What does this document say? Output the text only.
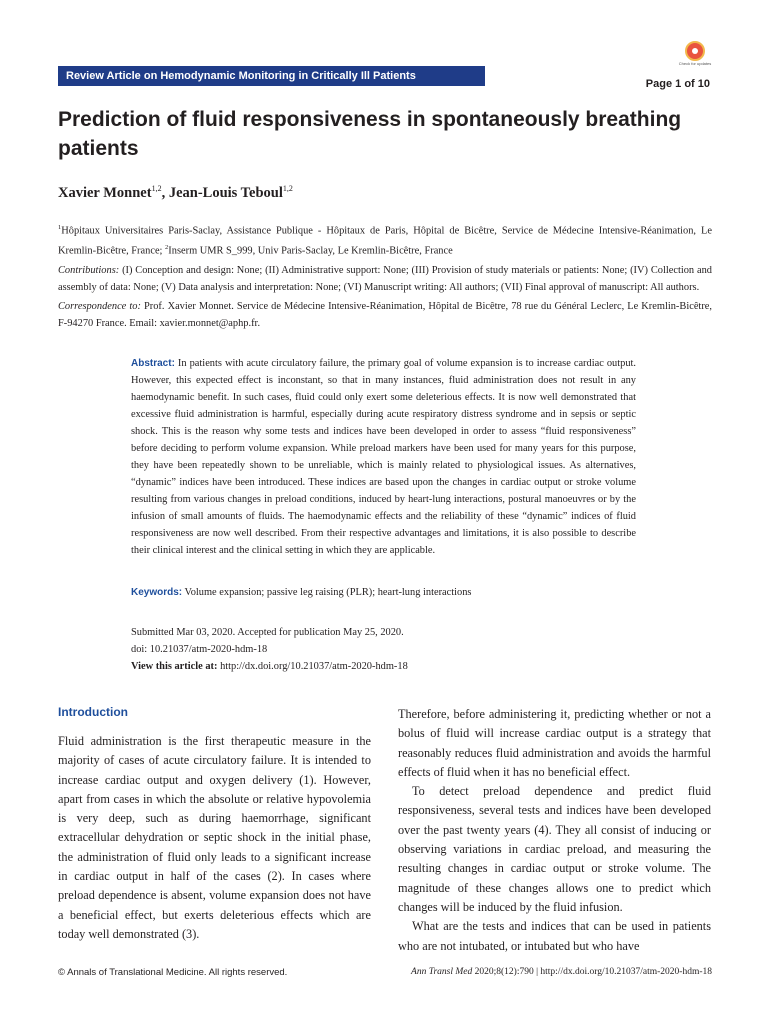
Review Article on Hemodynamic Monitoring in Critically Ill Patients
Check for updates
Page 1 of 10
Prediction of fluid responsiveness in spontaneously breathing patients
Xavier Monnet$^{1,2}$, Jean-Louis Teboul$^{1,2}$

$^1$Hôpitaux Universitaires Paris-Saclay, Assistance Publique - Hôpitaux de Paris, Hôpital de Bicêtre, Service de Médecine Intensive-Réanimation, Le Kremlin-Bicêtre, France; $^2$Inserm UMR S_999, Univ Paris-Saclay, Le Kremlin-Bicêtre, France

Contributions: (I) Conception and design: None; (II) Administrative support: None; (III) Provision of study materials or patients: None; (IV) Collection and assembly of data: None; (V) Data analysis and interpretation: None; (VI) Manuscript writing: All authors; (VII) Final approval of manuscript: All authors.

Correspondence to: Prof. Xavier Monnet. Service de Médecine Intensive-Réanimation, Hôpital de Bicêtre, 78 rue du Général Leclerc, Le Kremlin-Bicêtre, F-94270 France. Email: xavier.monnet@aphp.fr.

Abstract: In patients with acute circulatory failure, the primary goal of volume expansion is to increase cardiac output. However, this expected effect is inconstant, so that in many instances, fluid administration does not result in any haemodynamic benefit. In such cases, fluid could only exert some deleterious effects. It is now well demonstrated that excessive fluid administration is harmful, especially during acute respiratory distress syndrome and in sepsis or septic shock. This is the reason why some tests and indices have been developed in order to assess “fluid responsiveness” before deciding to perform volume expansion. While preload markers have been used for many years for this purpose, they have been repeatedly shown to be unreliable, which is mainly related to physiological issues. As alternatives, “dynamic” indices have been introduced. These indices are based upon the changes in cardiac output or stroke volume resulting from various changes in preload conditions, induced by heart-lung interactions, postural manoeuvres or by the infusion of small amounts of fluids. The haemodynamic effects and the reliability of these “dynamic” indices of fluid responsiveness are now well described. From their respective advantages and limitations, it is also possible to describe their clinical interest and the clinical setting in which they are applicable.

Keywords: Volume expansion; passive leg raising (PLR); heart-lung interactions
Submitted Mar 03, 2020. Accepted for publication May 25, 2020.
doi: 10.21037/atm-2020-hdm-18
View this article at: http://dx.doi.org/10.21037/atm-2020-hdm-18
Introduction

Fluid administration is the first therapeutic measure in the majority of cases of acute circulatory failure. It is intended to increase cardiac output and oxygen delivery (1). However, apart from cases in which the absolute or relative hypovolemia is very deep, such as during haemorrhage, significant extracellular dehydration or septic shock in the initial phase, the administration of fluid only leads to a significant increase in cardiac output in half of the cases (2). In cases where preload dependence is absent, volume expansion does not have a beneficial effect, but exerts deleterious effects which are today well demonstrated (3).

Therefore, before administering it, predicting whether or not a bolus of fluid will increase cardiac output is a strategy that reasonably reduces fluid administration and avoids the harmful effects of fluid when it has no beneficial effect.

To detect preload dependence and predict fluid responsiveness, several tests and indices have been developed over the past twenty years (4). They all consist of inducing or observing variations in cardiac preload, and measuring the resulting changes in cardiac output or stroke volume. The magnitude of these changes allows one to predict which changes will be induced by the fluid infusion.

What are the tests and indices that can be used in patients who are not intubated, or intubated but who have

© Annals of Translational Medicine. All rights reserved.	Ann Transl Med 2020;8(12):790 | http://dx.doi.org/10.21037/atm-2020-hdm-18
